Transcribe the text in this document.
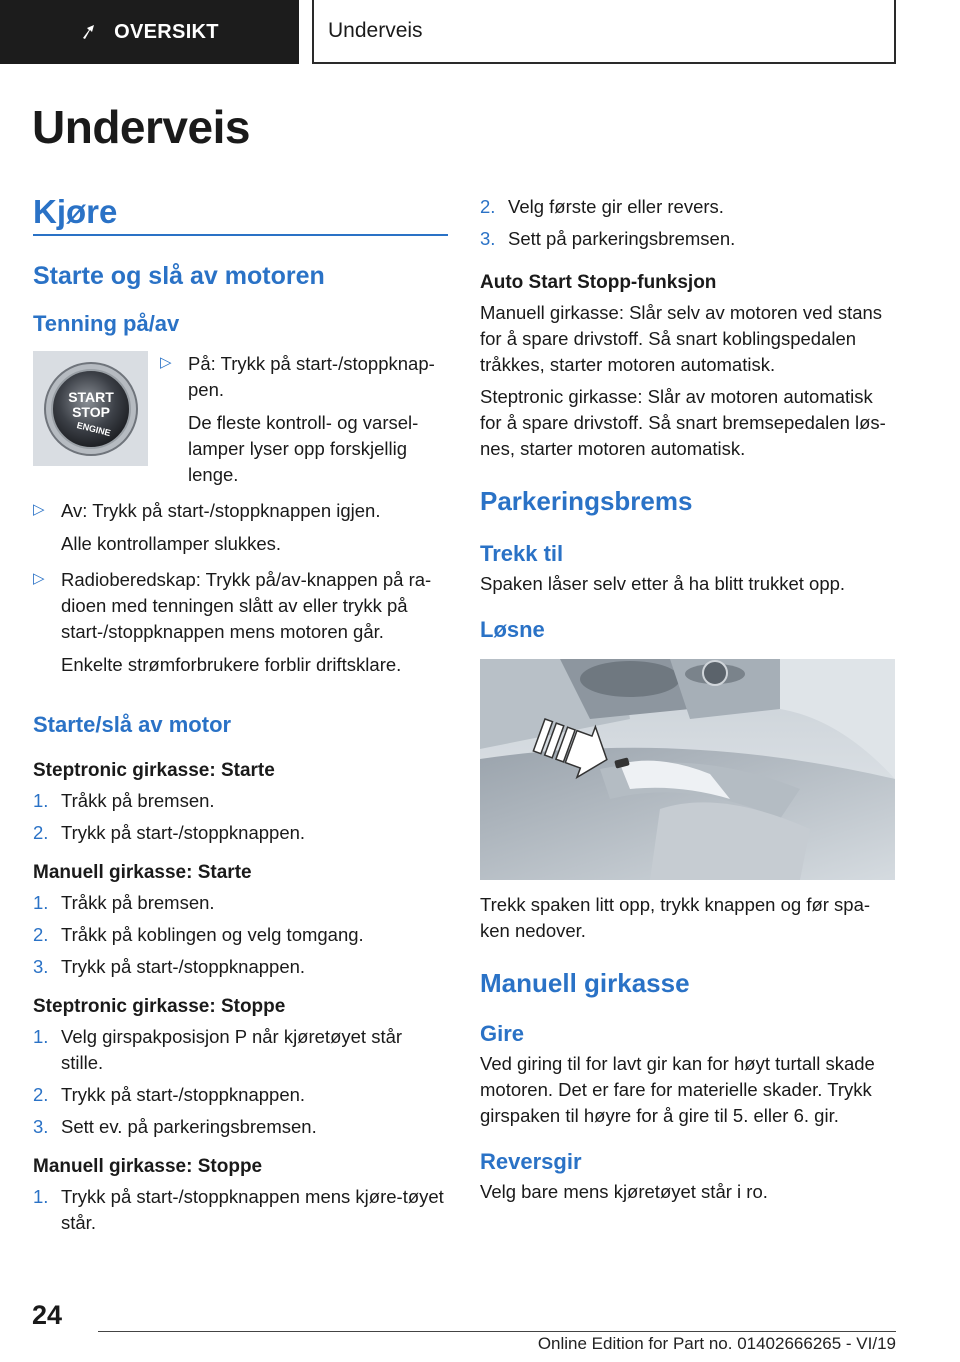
OVERSIKT	Underveis
Underveis
Kjøre
Starte og slå av motoren
Tenning på/av
START
STOP
ENGINE
▷ På: Trykk på start-/stoppknap-
pen.
De fleste kontroll- og varsel-
lamper lyser opp forskjellig
lenge.
▷ Av: Trykk på start-/stoppknappen igjen.
Alle kontrollamper slukkes.
▷ Radioberedskap: Trykk på/av-knappen på ra-
dioen med tenningen slått av eller trykk på
start-/stoppknappen mens motoren går.
Enkelte strømforbrukere forblir driftsklare.
Starte/slå av motor
Steptronic girkasse: Starte
1. Tråkk på bremsen.
2. Trykk på start-/stoppknappen.
Manuell girkasse: Starte
1. Tråkk på bremsen.
2. Tråkk på koblingen og velg tomgang.
3. Trykk på start-/stoppknappen.
Steptronic girkasse: Stoppe
1. Velg girspakposisjon P når kjøretøyet står stille.
2. Trykk på start-/stoppknappen.
3. Sett ev. på parkeringsbremsen.
Manuell girkasse: Stoppe
1. Trykk på start-/stoppknappen mens kjøre-tøyet står.
2. Velg første gir eller revers.
3. Sett på parkeringsbremsen.
Auto Start Stopp-funksjon

Manuell girkasse: Slår selv av motoren ved stans for å spare drivstoff. Så snart koblingspedalen tråkkes, starter motoren automatisk.

Steptronic girkasse: Slår av motoren automatisk for å spare drivstoff. Så snart bremsepedalen løs-nes, starter motoren automatisk.

Parkeringsbrems
Trekk til

Spaken låser selv etter å ha blitt trukket opp.

Løsne

Trekk spaken litt opp, trykk knappen og før spa-ken nedover.

Manuell girkasse
Gire

Ved giring til for lavt gir kan for høyt turtall skade motoren. Det er fare for materielle skader. Trykk girspaken til høyre for å gire til 5. eller 6. gir.

Reversgir

Velg bare mens kjøretøyet står i ro.

24
Online Edition for Part no. 01402666265 - VI/19
